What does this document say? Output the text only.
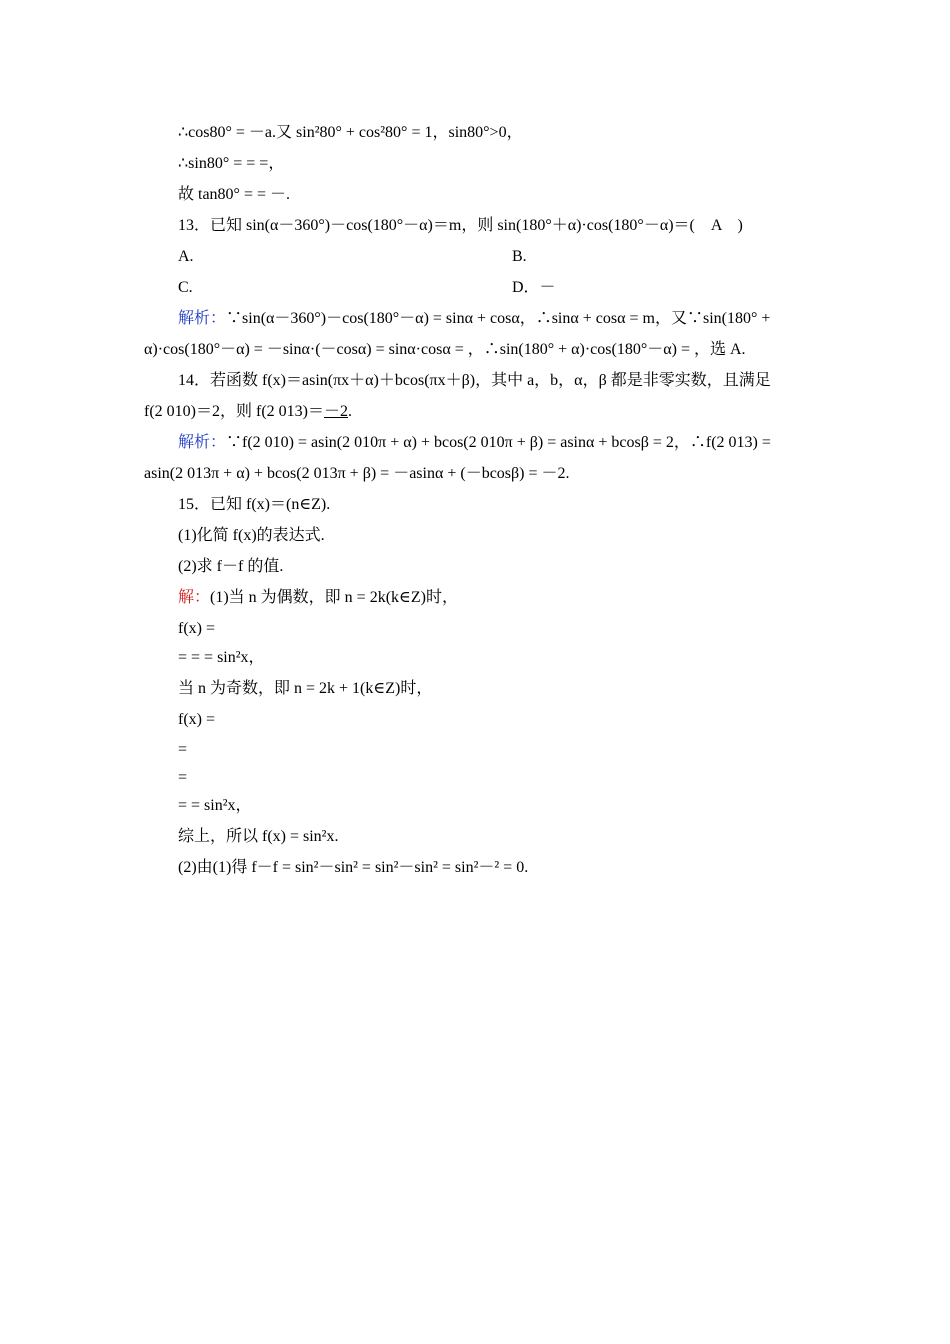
∴cos80° = －a.又 sin²80° + cos²80° = 1，sin80°>0，
∴sin80° = = =，
故 tan80° = = －.
13．已知 sin(α－360°)－cos(180°－α)＝m，则 sin(180°＋α)·cos(180°－α)＝(　A　)
A.	B.
C.	D．－
解析：∵sin(α－360°)－cos(180°－α) = sinα + cosα，∴sinα + cosα = m，又∵sin(180° +
α)·cos(180°－α) = －sinα·(－cosα) = sinα·cosα = ，∴sin(180° + α)·cos(180°－α) = ，选 A.
14．若函数 f(x)＝asin(πx＋α)＋bcos(πx＋β)，其中 a，b，α，β 都是非零实数，且满足
f(2 010)＝2，则 f(2 013)＝－2.
解析：∵f(2 010) = asin(2 010π + α) + bcos(2 010π + β) = asinα + bcosβ = 2，∴f(2 013) =
asin(2 013π + α) + bcos(2 013π + β) = －asinα + (－bcosβ) = －2.
15．已知 f(x)＝(n∈Z).
(1)化简 f(x)的表达式.
(2)求 f－f 的值.
解：(1)当 n 为偶数，即 n = 2k(k∈Z)时，
f(x) =
= = = sin²x，
当 n 为奇数，即 n = 2k + 1(k∈Z)时，
f(x) =
=
=
= = sin²x，
综上，所以 f(x) = sin²x.
(2)由(1)得 f－f = sin²－sin² = sin²－sin² = sin²－² = 0.
